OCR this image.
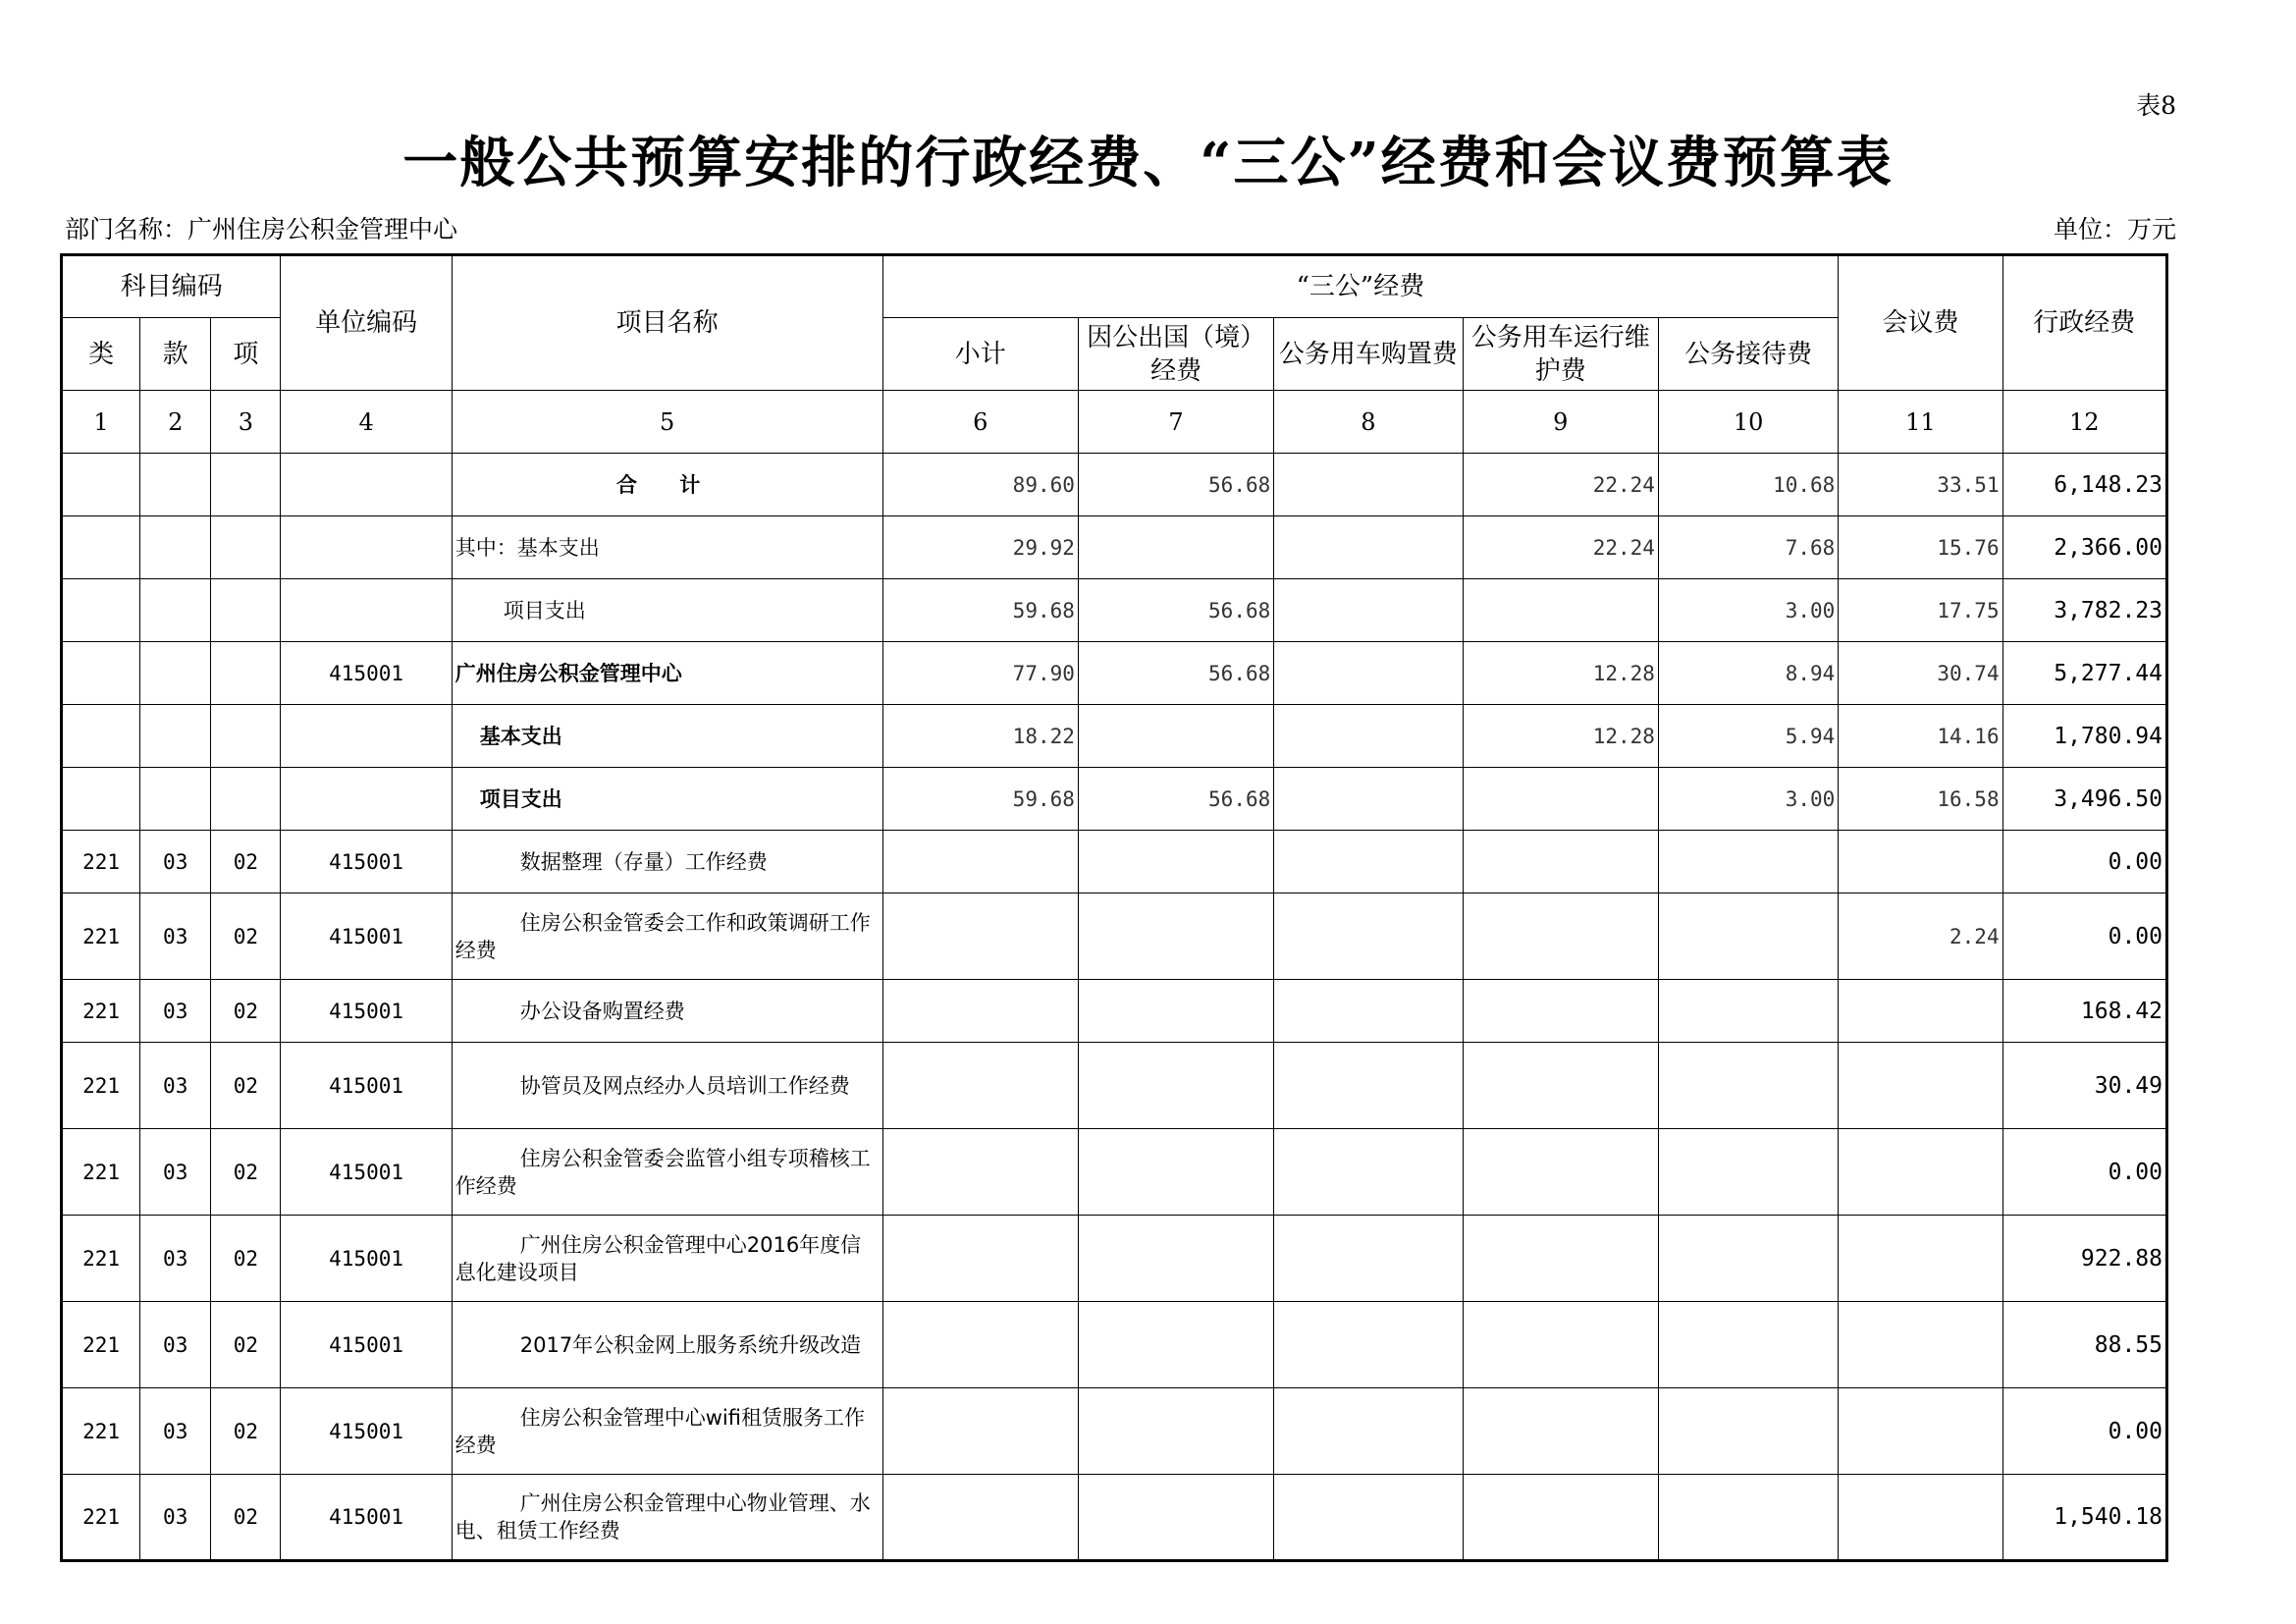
表8
一般公共预算安排的行政经费、“三公”经费和会议费预算表
部门名称：广州住房公积金管理中心	单位：万元
科目编码			单位编码	项目名称	“三公”经费					会议费	行政经费
类	款	项			小计	因公出国（境）经费	公务用车购置费	公务用车运行维护费	公务接待费		
1	2	3	4	5	6	7	8	9	10	11	12
				合 计	89.60	56.68		22.24	10.68	33.51	6,148.23
				其中：基本支出	29.92			22.24	7.68	15.76	2,366.00
				项目支出	59.68	56.68			3.00	17.75	3,782.23
			415001	广州住房公积金管理中心	77.90	56.68		12.28	8.94	30.74	5,277.44
				基本支出	18.22			12.28	5.94	14.16	1,780.94
				项目支出	59.68	56.68			3.00	16.58	3,496.50
221	03	02	415001	数据整理（存量）工作经费							0.00
221	03	02	415001	住房公积金管委会工作和政策调研工作经费						2.24	0.00
221	03	02	415001	办公设备购置经费							168.42
221	03	02	415001	协管员及网点经办人员培训工作经费							30.49
221	03	02	415001	住房公积金管委会监管小组专项稽核工作经费							0.00
221	03	02	415001	广州住房公积金管理中心2016年度信息化建设项目							922.88
221	03	02	415001	2017年公积金网上服务系统升级改造							88.55
221	03	02	415001	住房公积金管理中心wifi租赁服务工作经费							0.00
221	03	02	415001	广州住房公积金管理中心物业管理、水电、租赁工作经费							1,540.18
